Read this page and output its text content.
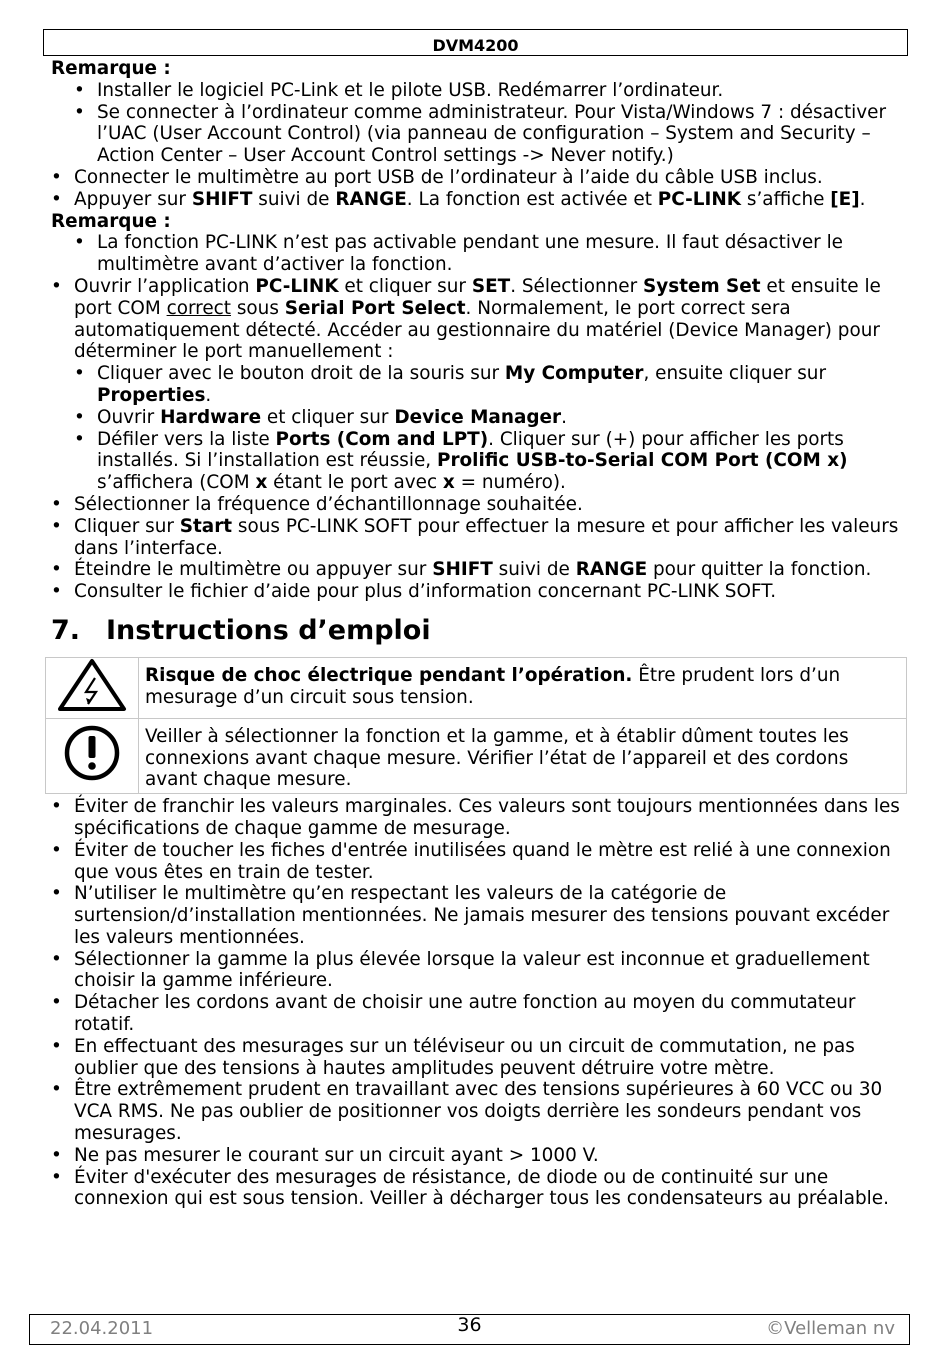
DVM4200

Remarque :

• Installer le logiciel PC-Link et le pilote USB. Redémarrer l’ordinateur.
• Se connecter à l’ordinateur comme administrateur. Pour Vista/Windows 7 : désactiver l’UAC (User Account Control) (via panneau de configuration – System and Security – Action Center – User Account Control settings -> Never notify.)
• Connecter le multimètre au port USB de l’ordinateur à l’aide du câble USB inclus.
• Appuyer sur SHIFT suivi de RANGE. La fonction est activée et PC-LINK s’affiche [E].

Remarque :

• La fonction PC-LINK n’est pas activable pendant une mesure. Il faut désactiver le multimètre avant d’activer la fonction.
• Ouvrir l’application PC-LINK et cliquer sur SET. Sélectionner System Set et ensuite le port COM correct sous Serial Port Select. Normalement, le port correct sera automatiquement détecté. Accéder au gestionnaire du matériel (Device Manager) pour déterminer le port manuellement :
• Cliquer avec le bouton droit de la souris sur My Computer, ensuite cliquer sur Properties.
• Ouvrir Hardware et cliquer sur Device Manager.
• Défiler vers la liste Ports (Com and LPT). Cliquer sur (+) pour afficher les ports installés. Si l’installation est réussie, Prolific USB-to-Serial COM Port (COM x) s’affichera (COM x étant le port avec x = numéro).
• Sélectionner la fréquence d’échantillonnage souhaitée.
• Cliquer sur Start sous PC-LINK SOFT pour effectuer la mesure et pour afficher les valeurs dans l’interface.
• Éteindre le multimètre ou appuyer sur SHIFT suivi de RANGE pour quitter la fonction.
• Consulter le fichier d’aide pour plus d’information concernant PC-LINK SOFT.
7. Instructions d’emploi
	Risque de choc électrique pendant l’opération. Être prudent lors d’un mesurage d’un circuit sous tension.
	Veiller à sélectionner la fonction et la gamme, et à établir dûment toutes les connexions avant chaque mesure. Vérifier l’état de l’appareil et des cordons avant chaque mesure.
• Éviter de franchir les valeurs marginales. Ces valeurs sont toujours mentionnées dans les spécifications de chaque gamme de mesurage.
• Éviter de toucher les fiches d'entrée inutilisées quand le mètre est relié à une connexion que vous êtes en train de tester.
• N’utiliser le multimètre qu’en respectant les valeurs de la catégorie de surtension/d’installation mentionnées. Ne jamais mesurer des tensions pouvant excéder les valeurs mentionnées.
• Sélectionner la gamme la plus élevée lorsque la valeur est inconnue et graduellement choisir la gamme inférieure.
• Détacher les cordons avant de choisir une autre fonction au moyen du commutateur rotatif.
• En effectuant des mesurages sur un téléviseur ou un circuit de commutation, ne pas oublier que des tensions à hautes amplitudes peuvent détruire votre mètre.
• Être extrêmement prudent en travaillant avec des tensions supérieures à 60 VCC ou 30 VCA RMS. Ne pas oublier de positionner vos doigts derrière les sondeurs pendant vos mesurages.
• Ne pas mesurer le courant sur un circuit ayant > 1000 V.
• Éviter d'exécuter des mesurages de résistance, de diode ou de continuité sur une connexion qui est sous tension. Veiller à décharger tous les condensateurs au préalable.
22.04.2011	36	©Velleman nv
